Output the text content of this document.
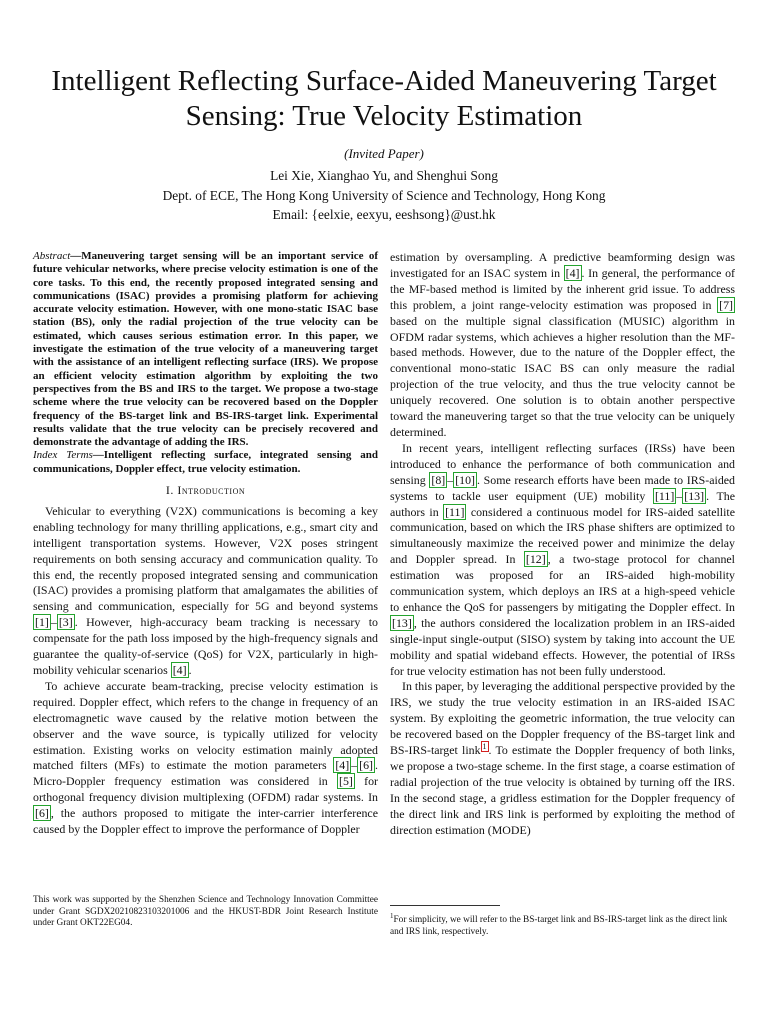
Intelligent Reflecting Surface-Aided Maneuvering Target Sensing: True Velocity Estimation
(Invited Paper)
Lei Xie, Xianghao Yu, and Shenghui Song
Dept. of ECE, The Hong Kong University of Science and Technology, Hong Kong
Email: {eelxie, eexyu, eeshsong}@ust.hk
Abstract—Maneuvering target sensing will be an important service of future vehicular networks, where precise velocity estimation is one of the core tasks. To this end, the recently proposed integrated sensing and communications (ISAC) provides a promising platform for achieving accurate velocity estimation. However, with one mono-static ISAC base station (BS), only the radial projection of the true velocity can be estimated, which causes serious estimation error. In this paper, we investigate the estimation of the true velocity of a maneuvering target with the assistance of an intelligent reflecting surface (IRS). We propose an efficient velocity estimation algorithm by exploiting the two perspectives from the BS and IRS to the target. We propose a two-stage scheme where the true velocity can be recovered based on the Doppler frequency of the BS-target link and BS-IRS-target link. Experimental results validate that the true velocity can be precisely recovered and demonstrate the advantage of adding the IRS.
Index Terms—Intelligent reflecting surface, integrated sensing and communications, Doppler effect, true velocity estimation.
I. Introduction

Vehicular to everything (V2X) communications is becoming a key enabling technology for many thrilling applications, e.g., smart city and intelligent transportation systems. However, V2X poses stringent requirements on both sensing accuracy and communication quality. To this end, the recently proposed integrated sensing and communication (ISAC) provides a promising platform that amalgamates the abilities of sensing and communication, especially for 5G and beyond systems [1] – [3] . However, high-accuracy beam tracking is necessary to compensate for the path loss imposed by the high-frequency signals and guarantee the quality-of-service (QoS) for V2X, particularly in high-mobility vehicular scenarios [4] .

To achieve accurate beam-tracking, precise velocity estimation is required. Doppler effect, which refers to the change in frequency of an electromagnetic wave caused by the relative motion between the observer and the wave source, is typically utilized for velocity estimation. Existing works on velocity estimation mainly adopted matched filters (MFs) to estimate the motion parameters [4] – [6] . Micro-Doppler frequency estimation was considered in [5] for orthogonal frequency division multiplexing (OFDM) radar systems. In [6] , the authors proposed to mitigate the inter-carrier interference caused by the Doppler effect to improve the performance of Doppler

This work was supported by the Shenzhen Science and Technology Innovation Committee under Grant SGDX20210823103201006 and the HKUST-BDR Joint Research Institute under Grant OKT22EG04.

estimation by oversampling. A predictive beamforming design was investigated for an ISAC system in [4] . In general, the performance of the MF-based method is limited by the inherent grid issue. To address this problem, a joint range-velocity estimation was proposed in [7] based on the multiple signal classification (MUSIC) algorithm in OFDM radar systems, which achieves a higher resolution than the MF-based methods. However, due to the nature of the Doppler effect, the conventional mono-static ISAC BS can only measure the radial projection of the true velocity, and thus the true velocity cannot be uniquely recovered. One solution is to obtain another perspective toward the maneuvering target so that the true velocity can be uniquely determined.

In recent years, intelligent reflecting surfaces (IRSs) have been introduced to enhance the performance of both communication and sensing [8] – [10] . Some research efforts have been made to IRS-aided systems to tackle user equipment (UE) mobility [11] – [13] . The authors in [11] considered a continuous model for IRS-aided satellite communication, based on which the IRS phase shifters are optimized to simultaneously maximize the received power and minimize the delay and Doppler spread. In [12] , a two-stage protocol for channel estimation was proposed for an IRS-aided high-mobility communication system, which deploys an IRS at a high-speed vehicle to enhance the QoS for passengers by mitigating the Doppler effect. In [13] , the authors considered the localization problem in an IRS-aided single-input single-output (SISO) system by taking into account the UE mobility and spatial wideband effects. However, the potential of IRSs for true velocity estimation has not been fully understood.

In this paper, by leveraging the additional perspective provided by the IRS, we study the true velocity estimation in an IRS-aided ISAC system. By exploiting the geometric information, the true velocity can be recovered based on the Doppler frequency of the BS-target link and BS-IRS-target link $^1$ . To estimate the Doppler frequency of both links, we propose a two-stage scheme. In the first stage, a coarse estimation of radial projection of the true velocity is obtained by turning off the IRS. In the second stage, a gridless estimation for the Doppler frequency of the direct link and IRS link is performed by exploiting the method of direction estimation (MODE)

$^1$For simplicity, we will refer to the BS-target link and BS-IRS-target link as the direct link and IRS link, respectively.
